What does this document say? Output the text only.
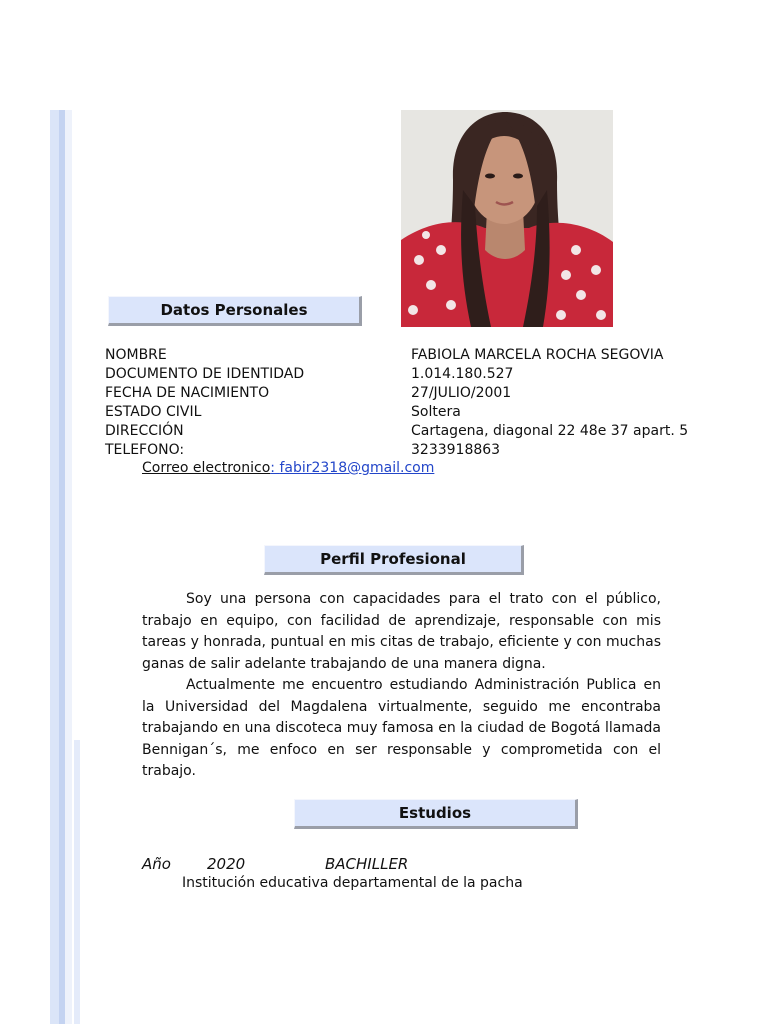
Datos Personales
NOMBRE	FABIOLA MARCELA ROCHA SEGOVIA
DOCUMENTO DE IDENTIDAD	1.014.180.527
FECHA DE NACIMIENTO	27/JULIO/2001
ESTADO CIVIL	Soltera
DIRECCIÓN	Cartagena, diagonal 22 48e 37 apart. 5
TELEFONO:	3233918863
Correo electronico: fabir2318@gmail.com
Perfil Profesional

Soy una persona con capacidades para el trato con el público, trabajo en equipo, con facilidad de aprendizaje, responsable con mis tareas y honrada, puntual en mis citas de trabajo, eficiente y con muchas ganas de salir adelante trabajando de una manera digna.

Actualmente me encuentro estudiando Administración Publica en la Universidad del Magdalena virtualmente, seguido me encontraba trabajando en una discoteca muy famosa en la ciudad de Bogotá llamada Bennigan´s, me enfoco en ser responsable y comprometida con el trabajo.

Estudios
Año 2020	BACHILLER
Institución educativa departamental de la pacha
